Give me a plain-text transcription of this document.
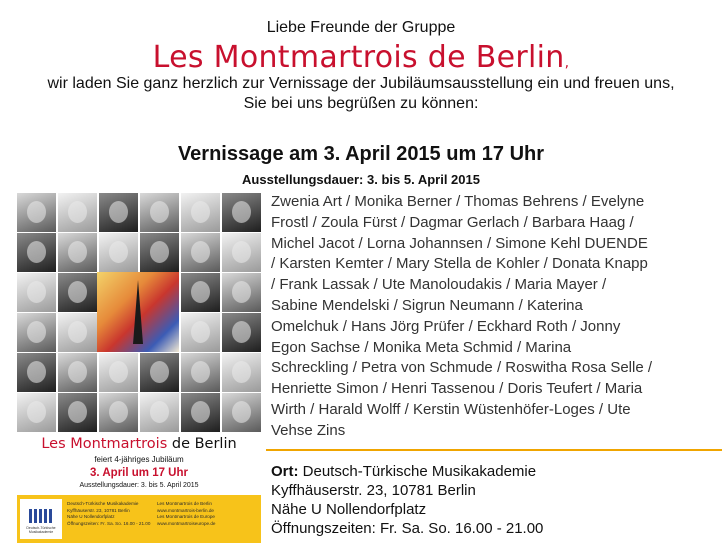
Liebe Freunde der Gruppe
Les Montmartrois de Berlin,
wir laden Sie ganz herzlich zur Vernissage der Jubiläumsausstellung ein und freuen uns,
Sie bei uns begrüßen zu können:
Vernissage am 3. April 2015 um 17 Uhr
Ausstellungsdauer: 3. bis 5. April 2015
Les Montmartrois de Berlin
feiert 4-jähriges Jubiläum
3. April um 17 Uhr
Ausstellungsdauer: 3. bis 5. April 2015
Deutsch-Türkische Musikakademie
Deutsch-Türkische Musikakademie
Kyffhäuserstr. 23, 10781 Berlin
Nähe U Nollendorfplatz
Öffnungszeiten: Fr. Sa. So. 16.00 - 21.00
Les Montmartrois de Berlin
www.montmartrois-berlin.de
Les Montmartrois de Europe
www.montmartroiseurope.de
Zwenia Art / Monika Berner / Thomas Behrens / Evelyne
Frostl / Zoula Fürst / Dagmar Gerlach / Barbara Haag /
Michel Jacot / Lorna Johannsen / Simone Kehl DUENDE
/ Karsten Kemter / Mary Stella de Kohler / Donata Knapp
/ Frank Lassak / Ute Manoloudakis / Maria Mayer /
Sabine Mendelski / Sigrun Neumann / Katerina
Omelchuk / Hans Jörg Prüfer / Eckhard Roth / Jonny
Egon Sachse / Monika Meta Schmid / Marina
Schreckling / Petra von Schmude / Roswitha Rosa Selle /
Henriette Simon / Henri Tassenou / Doris Teufert / Maria
Wirth / Harald Wolff / Kerstin Wüstenhöfer-Loges / Ute
Vehse Zins
Ort: Deutsch-Türkische Musikakademie
Kyffhäuserstr. 23, 10781 Berlin
Nähe U Nollendorfplatz
Öffnungszeiten: Fr. Sa. So. 16.00 - 21.00
